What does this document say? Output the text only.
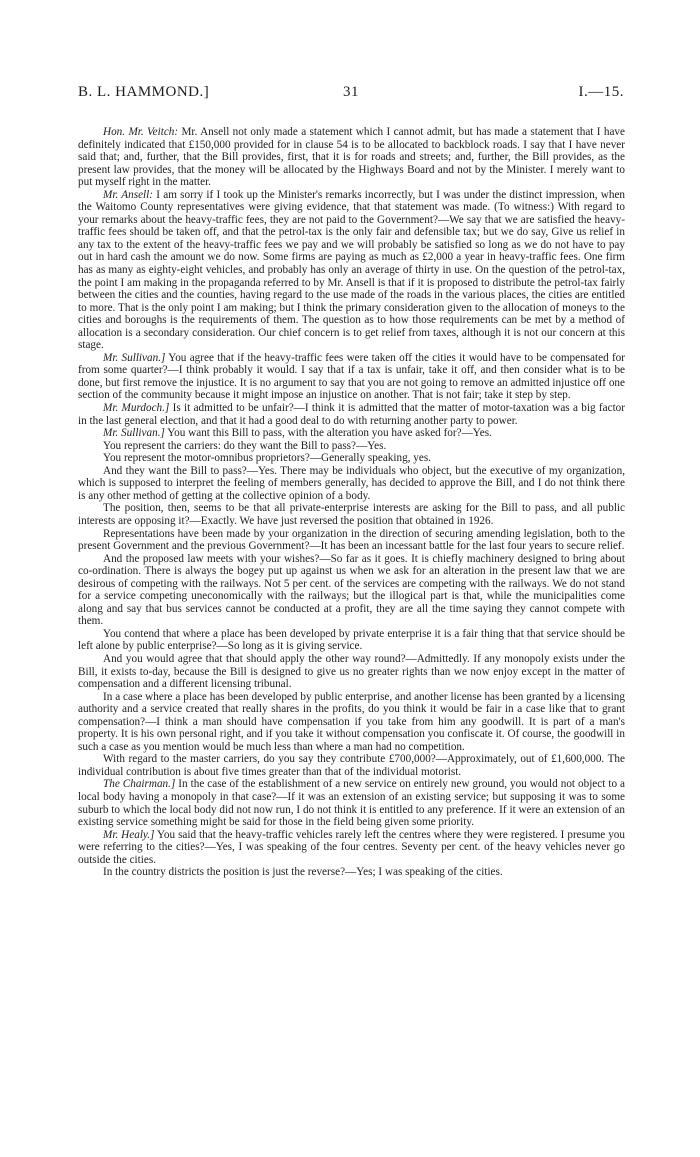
B. L. HAMMOND.]	31	I.—15.

Hon. Mr. Veitch: Mr. Ansell not only made a statement which I cannot admit, but has made a statement that I have definitely indicated that £150,000 provided for in clause 54 is to be allocated to backblock roads. I say that I have never said that; and, further, that the Bill provides, first, that it is for roads and streets; and, further, the Bill provides, as the present law provides, that the money will be allocated by the Highways Board and not by the Minister. I merely want to put myself right in the matter.

Mr. Ansell: I am sorry if I took up the Minister's remarks incorrectly, but I was under the distinct impression, when the Waitomo County representatives were giving evidence, that that statement was made. (To witness:) With regard to your remarks about the heavy-traffic fees, they are not paid to the Government?—We say that we are satisfied the heavy-traffic fees should be taken off, and that the petrol-tax is the only fair and defensible tax; but we do say, Give us relief in any tax to the extent of the heavy-traffic fees we pay and we will probably be satisfied so long as we do not have to pay out in hard cash the amount we do now. Some firms are paying as much as £2,000 a year in heavy-traffic fees. One firm has as many as eighty-eight vehicles, and probably has only an average of thirty in use. On the question of the petrol-tax, the point I am making in the propaganda referred to by Mr. Ansell is that if it is proposed to distribute the petrol-tax fairly between the cities and the counties, having regard to the use made of the roads in the various places, the cities are entitled to more. That is the only point I am making; but I think the primary consideration given to the allocation of moneys to the cities and boroughs is the requirements of them. The question as to how those requirements can be met by a method of allocation is a secondary consideration. Our chief concern is to get relief from taxes, although it is not our concern at this stage.

Mr. Sullivan.] You agree that if the heavy-traffic fees were taken off the cities it would have to be compensated for from some quarter?—I think probably it would. I say that if a tax is unfair, take it off, and then consider what is to be done, but first remove the injustice. It is no argument to say that you are not going to remove an admitted injustice off one section of the community because it might impose an injustice on another. That is not fair; take it step by step.

Mr. Murdoch.] Is it admitted to be unfair?—I think it is admitted that the matter of motor-taxation was a big factor in the last general election, and that it had a good deal to do with returning another party to power.

Mr. Sullivan.] You want this Bill to pass, with the alteration you have asked for?—Yes.

You represent the carriers: do they want the Bill to pass?—Yes.

You represent the motor-omnibus proprietors?—Generally speaking, yes.

And they want the Bill to pass?—Yes. There may be individuals who object, but the executive of my organization, which is supposed to interpret the feeling of members generally, has decided to approve the Bill, and I do not think there is any other method of getting at the collective opinion of a body.

The position, then, seems to be that all private-enterprise interests are asking for the Bill to pass, and all public interests are opposing it?—Exactly. We have just reversed the position that obtained in 1926.

Representations have been made by your organization in the direction of securing amending legislation, both to the present Government and the previous Government?—It has been an incessant battle for the last four years to secure relief.

And the proposed law meets with your wishes?—So far as it goes. It is chiefly machinery designed to bring about co-ordination. There is always the bogey put up against us when we ask for an alteration in the present law that we are desirous of competing with the railways. Not 5 per cent. of the services are competing with the railways. We do not stand for a service competing uneconomically with the railways; but the illogical part is that, while the municipalities come along and say that bus services cannot be conducted at a profit, they are all the time saying they cannot compete with them.

You contend that where a place has been developed by private enterprise it is a fair thing that that service should be left alone by public enterprise?—So long as it is giving service.

And you would agree that that should apply the other way round?—Admittedly. If any monopoly exists under the Bill, it exists to-day, because the Bill is designed to give us no greater rights than we now enjoy except in the matter of compensation and a different licensing tribunal.

In a case where a place has been developed by public enterprise, and another license has been granted by a licensing authority and a service created that really shares in the profits, do you think it would be fair in a case like that to grant compensation?—I think a man should have compensation if you take from him any goodwill. It is part of a man's property. It is his own personal right, and if you take it without compensation you confiscate it. Of course, the goodwill in such a case as you mention would be much less than where a man had no competition.

With regard to the master carriers, do you say they contribute £700,000?—Approximately, out of £1,600,000. The individual contribution is about five times greater than that of the individual motorist.

The Chairman.] In the case of the establishment of a new service on entirely new ground, you would not object to a local body having a monopoly in that case?—If it was an extension of an existing service; but supposing it was to some suburb to which the local body did not now run, I do not think it is entitled to any preference. If it were an extension of an existing service something might be said for those in the field being given some priority.

Mr. Healy.] You said that the heavy-traffic vehicles rarely left the centres where they were registered. I presume you were referring to the cities?—Yes, I was speaking of the four centres. Seventy per cent. of the heavy vehicles never go outside the cities.

In the country districts the position is just the reverse?—Yes; I was speaking of the cities.
